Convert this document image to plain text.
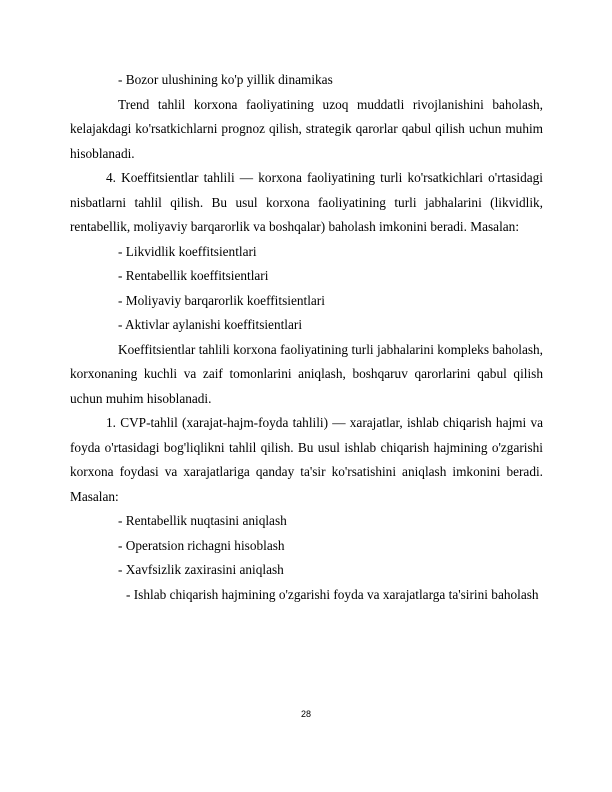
- Bozor ulushining ko'p yillik dinamikas

Trend tahlil korxona faoliyatining uzoq muddatli rivojlanishini baholash, kelajakdagi ko'rsatkichlarni prognoz qilish, strategik qarorlar qabul qilish uchun muhim hisoblanadi.

4. Koeffitsientlar tahlili — korxona faoliyatining turli ko'rsatkichlari o'rtasidagi nisbatlarni tahlil qilish. Bu usul korxona faoliyatining turli jabhalarini (likvidlik, rentabellik, moliyaviy barqarorlik va boshqalar) baholash imkonini beradi. Masalan:

- Likvidlik koeffitsientlari

- Rentabellik koeffitsientlari

- Moliyaviy barqarorlik koeffitsientlari

- Aktivlar aylanishi koeffitsientlari

Koeffitsientlar tahlili korxona faoliyatining turli jabhalarini kompleks baholash, korxonaning kuchli va zaif tomonlarini aniqlash, boshqaruv qarorlarini qabul qilish uchun muhim hisoblanadi.

1. CVP-tahlil (xarajat-hajm-foyda tahlili) — xarajatlar, ishlab chiqarish hajmi va foyda o'rtasidagi bog'liqlikni tahlil qilish. Bu usul ishlab chiqarish hajmining o'zgarishi korxona foydasi va xarajatlariga qanday ta'sir ko'rsatishini aniqlash imkonini beradi. Masalan:

- Rentabellik nuqtasini aniqlash

- Operatsion richagni hisoblash

- Xavfsizlik zaxirasini aniqlash

- Ishlab chiqarish hajmining o'zgarishi foyda va xarajatlarga ta'sirini baholash

28
